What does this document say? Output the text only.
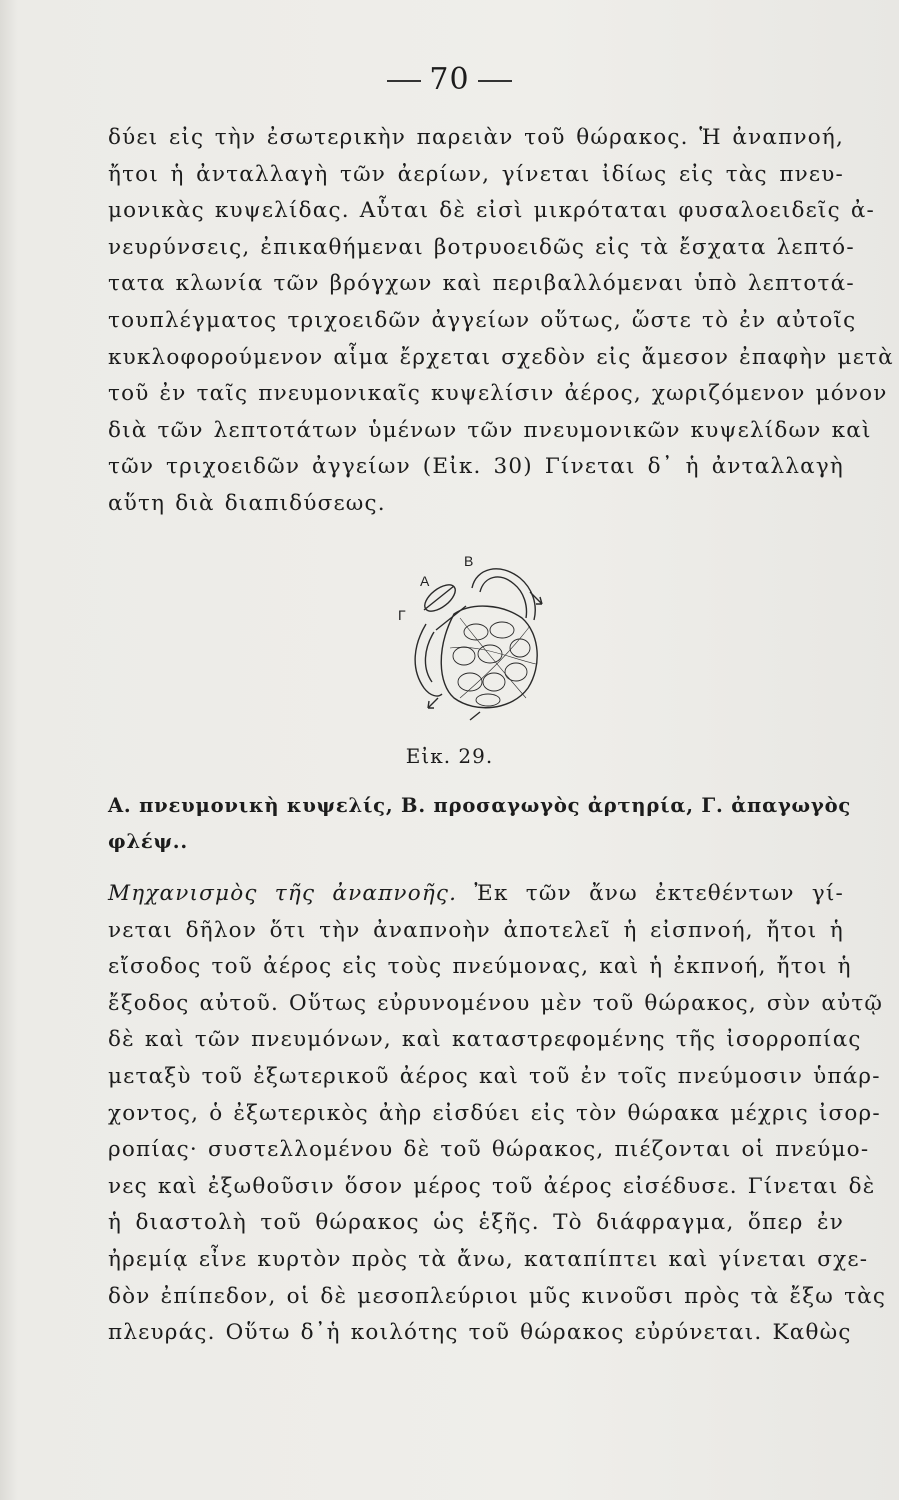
70
δύει εἰς τὴν ἐσωτερικὴν παρειὰν τοῦ θώρακος. Ἡ ἀναπνοή,
ἤτοι ἡ ἀνταλλαγὴ τῶν ἀερίων, γίνεται ἰδίως εἰς τὰς πνευ-
μονικὰς κυψελίδας. Αὗται δὲ εἰσὶ μικρόταται φυσαλοειδεῖς ἀ-
νευρύνσεις, ἐπικαθήμεναι βοτρυοειδῶς εἰς τὰ ἔσχατα λεπτό-
τατα κλωνία τῶν βρόγχων καὶ περιβαλλόμεναι ὑπὸ λεπτοτά-
τουπλέγματος τριχοειδῶν ἀγγείων οὕτως, ὥστε τὸ ἐν αὐτοῖς
κυκλοφορούμενον αἷμα ἔρχεται σχεδὸν εἰς ἄμεσον ἐπαφὴν μετὰ
τοῦ ἐν ταῖς πνευμονικαῖς κυψελίσιν ἀέρος, χωριζόμενον μόνον
διὰ τῶν λεπτοτάτων ὑμένων τῶν πνευμονικῶν κυψελίδων καὶ
τῶν τριχοειδῶν ἀγγείων (Εἰκ. 30) Γίνεται δ᾽ ἡ ἀνταλλαγὴ
αὕτη διὰ διαπιδύσεως.
A
B
Γ
Εἰκ. 29.
Α. πνευμονικὴ κυψελίς, Β. προσαγωγὸς ἀρτηρία, Γ. ἀπαγωγὸς
φλέψ..
Μηχανισμὸς τῆς ἀναπνοῆς. Ἐκ τῶν ἄνω ἐκτεθέντων γί-
νεται δῆλον ὅτι τὴν ἀναπνοὴν ἀποτελεῖ ἡ εἰσπνοή, ἤτοι ἡ
εἴσοδος τοῦ ἀέρος εἰς τοὺς πνεύμονας, καὶ ἡ ἐκπνοή, ἤτοι ἡ
ἔξοδος αὐτοῦ. Οὕτως εὐρυνομένου μὲν τοῦ θώρακος, σὺν αὐτῷ
δὲ καὶ τῶν πνευμόνων, καὶ καταστρεφομένης τῆς ἰσορροπίας
μεταξὺ τοῦ ἐξωτερικοῦ ἀέρος καὶ τοῦ ἐν τοῖς πνεύμοσιν ὑπάρ-
χοντος, ὁ ἐξωτερικὸς ἀὴρ εἰσδύει εἰς τὸν θώρακα μέχρις ἰσορ-
ροπίας· συστελλομένου δὲ τοῦ θώρακος, πιέζονται οἱ πνεύμο-
νες καὶ ἐξωθοῦσιν ὅσον μέρος τοῦ ἀέρος εἰσέδυσε. Γίνεται δὲ
ἡ διαστολὴ τοῦ θώρακος ὡς ἑξῆς. Τὸ διάφραγμα, ὅπερ ἐν
ἠρεμίᾳ εἶνε κυρτὸν πρὸς τὰ ἄνω, καταπίπτει καὶ γίνεται σχε-
δὸν ἐπίπεδον, οἱ δὲ μεσοπλεύριοι μῦς κινοῦσι πρὸς τὰ ἔξω τὰς
πλευράς. Οὕτω δ᾽ἡ κοιλότης τοῦ θώρακος εὐρύνεται. Καθὼς
